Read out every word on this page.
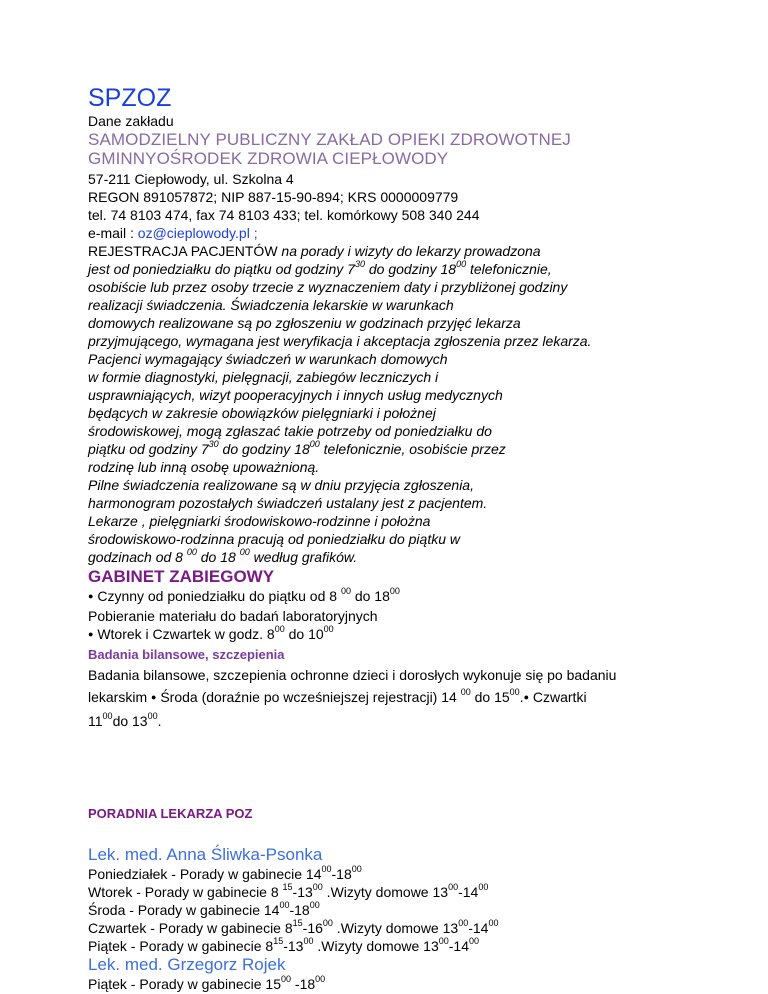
SPZOZ
Dane zakładu
SAMODZIELNY PUBLICZNY ZAKŁAD OPIEKI ZDROWOTNEJ
GMINNYOŚRODEK ZDROWIA CIEPŁOWODY
57-211 Ciepłowody, ul. Szkolna 4
REGON 891057872; NIP 887-15-90-894; KRS 0000009779
tel. 74 8103 474, fax 74 8103 433; tel. komórkowy 508 340 244
e-mail : oz@cieplowody.pl ;
REJESTRACJA PACJENTÓW na porady i wizyty do lekarzy prowadzona
jest od poniedziałku do piątku od godziny $7^{30}$ do godziny $18^{00}$ telefonicznie,
osobiście lub przez osoby trzecie z wyznaczeniem daty i przybliżonej godziny
realizacji świadczenia. Świadczenia lekarskie w warunkach
domowych realizowane są po zgłoszeniu w godzinach przyjęć lekarza
przyjmującego, wymagana jest weryfikacja i akceptacja zgłoszenia przez lekarza.
Pacjenci wymagający świadczeń w warunkach domowych
w formie diagnostyki, pielęgnacji, zabiegów leczniczych i
usprawniających, wizyt pooperacyjnych i innych usług medycznych
będących w zakresie obowiązków pielęgniarki i położnej
środowiskowej, mogą zgłaszać takie potrzeby od poniedziałku do
piątku od godziny $7^{30}$ do godziny $18^{00}$ telefonicznie, osobiście przez
rodzinę lub inną osobę upoważnioną.
Pilne świadczenia realizowane są w dniu przyjęcia zgłoszenia,
harmonogram pozostałych świadczeń ustalany jest z pacjentem.
Lekarze , pielęgniarki środowiskowo-rodzinne i położna
środowiskowo-rodzinna pracują od poniedziałku do piątku w
godzinach od 8 $^{00}$ do 18 $^{00}$ według grafików.
GABINET ZABIEGOWY
● Czynny od poniedziałku do piątku od 8 $^{00}$ do $18^{00}$
Pobieranie materiału do badań laboratoryjnych
● Wtorek i Czwartek w godz. $8^{00}$ do $10^{00}$
Badania bilansowe, szczepienia
Badania bilansowe, szczepienia ochronne dzieci i dorosłych wykonuje się po badaniu
lekarskim ● Środa (doraźnie po wcześniejszej rejestracji) 14 $^{00}$ do $15^{00}.●$ Czwartki
$11^{00}do$ $13^{00}$.
PORADNIA LEKARZA POZ
Lek. med. Anna Śliwka-Psonka
Poniedziałek - Porady w gabinecie $14^{00}-18^{00}$
Wtorek - Porady w gabinecie 8 $^{15}-13^{00}$ .Wizyty domowe $13^{00}-14^{00}$
Środa - Porady w gabinecie $14^{00}-18^{00}$
Czwartek - Porady w gabinecie $8^{15}-16^{00}$ .Wizyty domowe $13^{00}-14^{00}$
Piątek - Porady w gabinecie $8^{15}-13^{00}$ .Wizyty domowe $13^{00}-14^{00}$
Lek. med. Grzegorz Rojek
Piątek - Porady w gabinecie $15^{00}$ $-18^{00}$
